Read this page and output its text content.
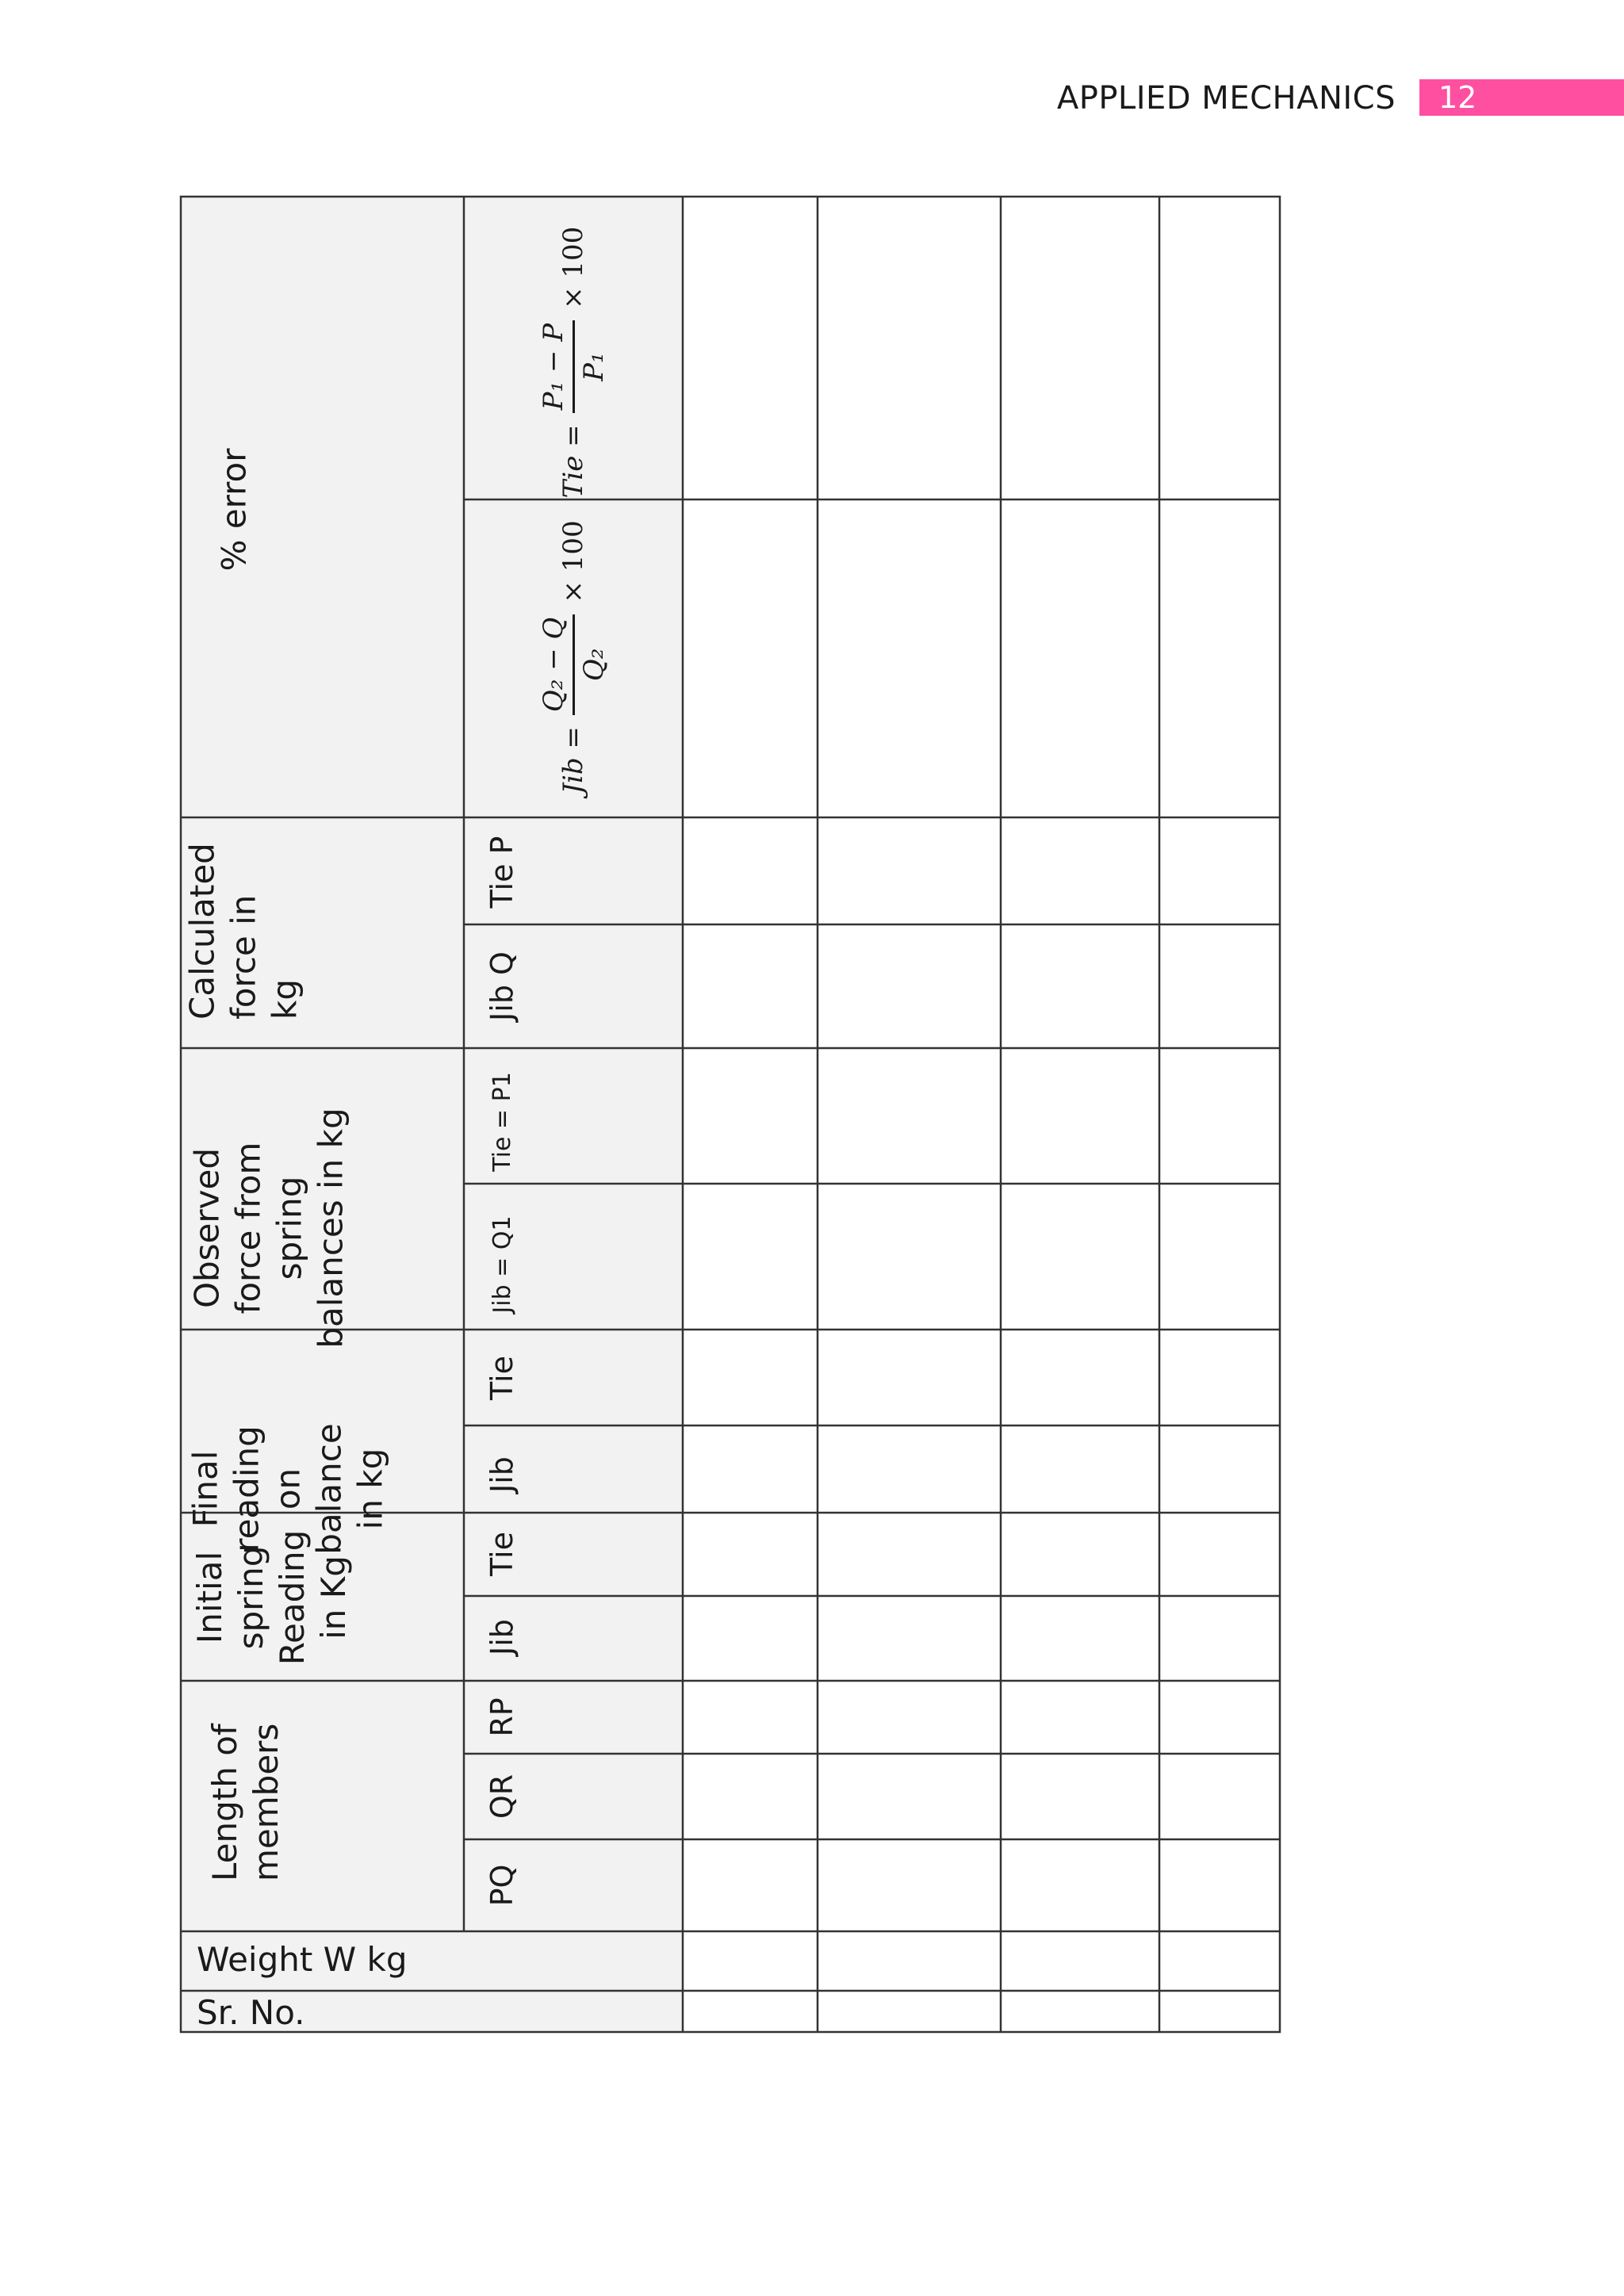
APPLIED MECHANICS	12
% error
Calculated force in kg
Observed force from spring balances in kg
Final reading on balance in kg
Initial spring Reading in Kg
Length of members
Weight W kg
Sr. No.
Tie =
P₁ − P P₁
× 100
Jib =
Q₂ − Q Q₂
× 100
Tie P
Jib Q
Tie = P1
Jib = Q1
Tie
Jib
Tie
Jib
RP
QR
PQ
